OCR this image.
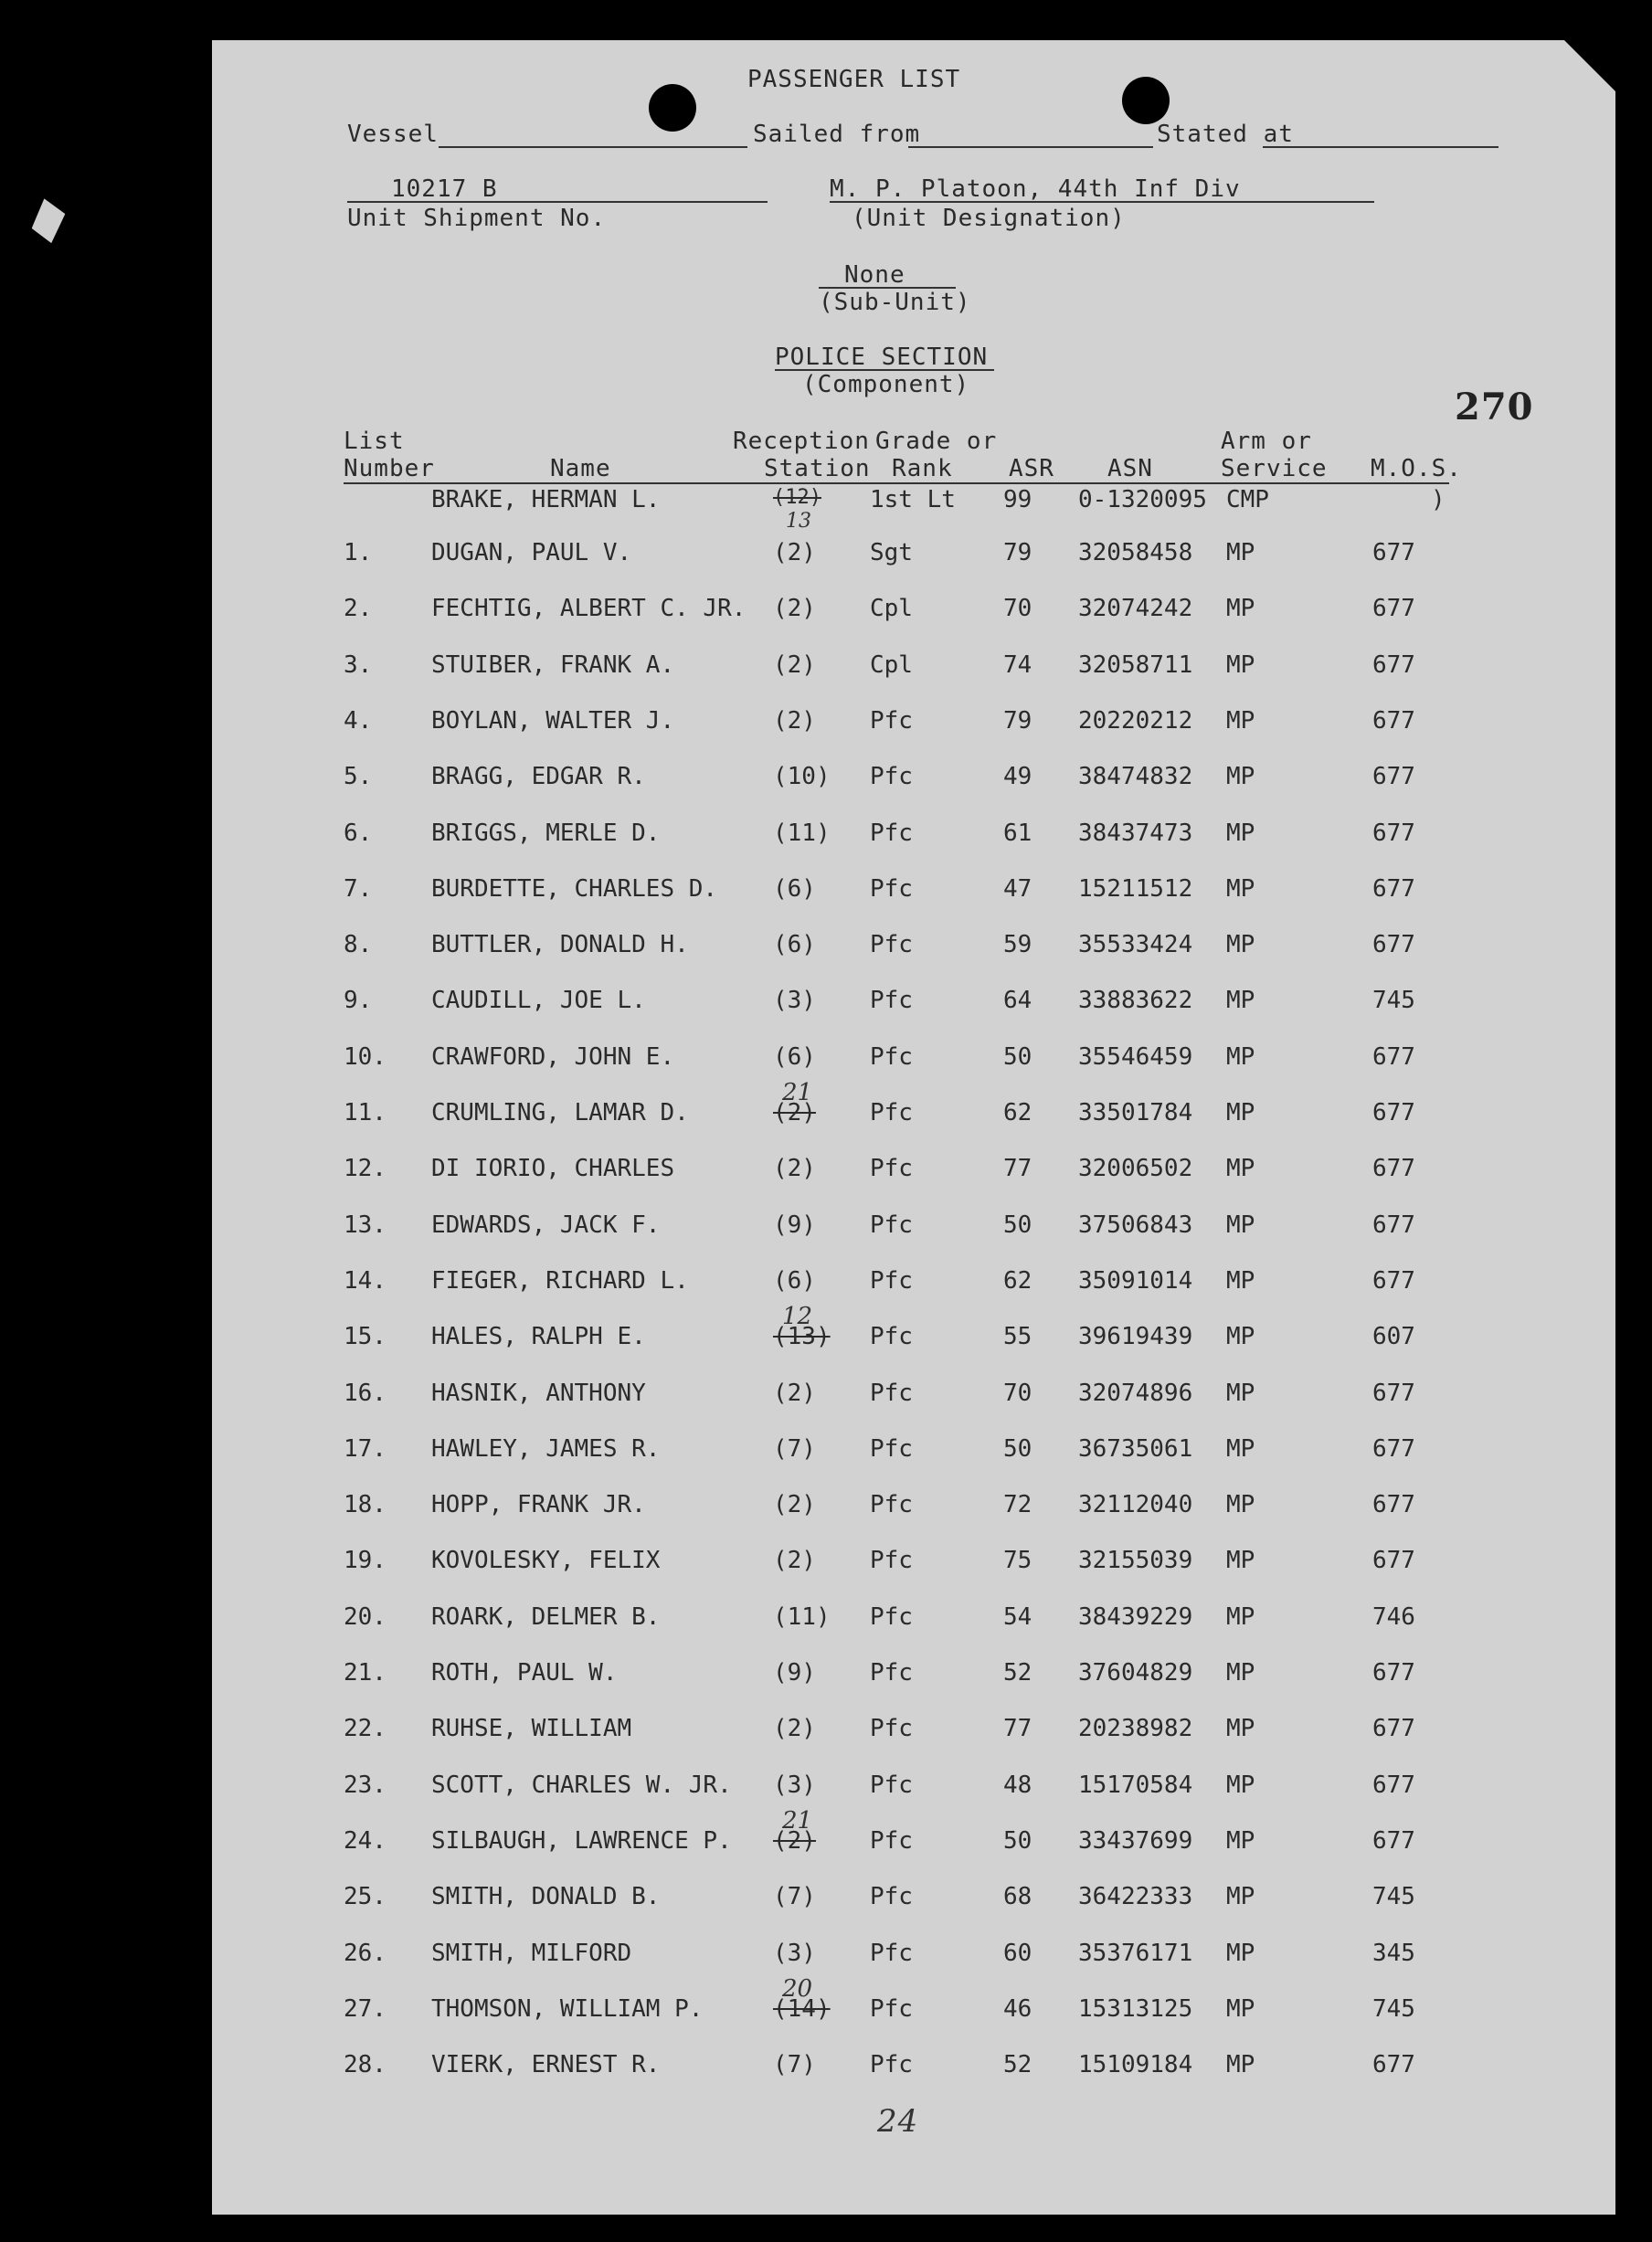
PASSENGER LIST
Vessel	Sailed from	Stated at
10217 B
Unit Shipment No.
M. P. Platoon, 44th Inf Div
(Unit Designation)
None
(Sub-Unit)
POLICE SECTION
(Component)
270
List
Number	Name
Reception
Station
Grade or
Rank ASR ASN
Arm or
Service M.O.S.
BRAKE, HERMAN L.	(12) 1st Lt 99 0-1320095 CMP	)
13
1. DUGAN, PAUL V.	(2) Sgt	79 32058458 MP	677
2. FECHTIG, ALBERT C. JR. (2) Cpl	70 32074242 MP	677
3. STUIBER, FRANK A.	(2) Cpl	74 32058711 MP	677
4. BOYLAN, WALTER J.	(2) Pfc	79 20220212 MP	677
5. BRAGG, EDGAR R.	(10) Pfc	49 38474832 MP	677
6. BRIGGS, MERLE D.	(11) Pfc	61 38437473 MP	677
7. BURDETTE, CHARLES D. (6) Pfc	47 15211512 MP	677
8. BUTTLER, DONALD H.	(6) Pfc	59 35533424 MP	677
9. CAUDILL, JOE L.	(3) Pfc	64 33883622 MP	745
10. CRAWFORD, JOHN E.	(6) Pfc	50 35546459 MP	677
11. CRUMLING, LAMAR D.	(2) Pfc	62 33501784 MP	677
21
12. DI IORIO, CHARLES	(2) Pfc	77 32006502 MP	677
13. EDWARDS, JACK F.	(9) Pfc	50 37506843 MP	677
14. FIEGER, RICHARD L.	(6) Pfc	62 35091014 MP	677
15. HALES, RALPH E.	(13) Pfc	55 39619439 MP	607
12
16. HASNIK, ANTHONY	(2) Pfc	70 32074896 MP	677
17. HAWLEY, JAMES R.	(7) Pfc	50 36735061 MP	677
18. HOPP, FRANK JR.	(2) Pfc	72 32112040 MP	677
19. KOVOLESKY, FELIX	(2) Pfc	75 32155039 MP	677
20. ROARK, DELMER B.	(11) Pfc	54 38439229 MP	746
21. ROTH, PAUL W.	(9) Pfc	52 37604829 MP	677
22. RUHSE, WILLIAM	(2) Pfc	77 20238982 MP	677
23. SCOTT, CHARLES W. JR. (3) Pfc	48 15170584 MP	677
24. SILBAUGH, LAWRENCE P. (2) Pfc	50 33437699 MP	677
21
25. SMITH, DONALD B.	(7) Pfc	68 36422333 MP	745
26. SMITH, MILFORD	(3) Pfc	60 35376171 MP	345
27. THOMSON, WILLIAM P.	(14) Pfc	46 15313125 MP	745
20
28. VIERK, ERNEST R.	(7) Pfc	52 15109184 MP	677
24
